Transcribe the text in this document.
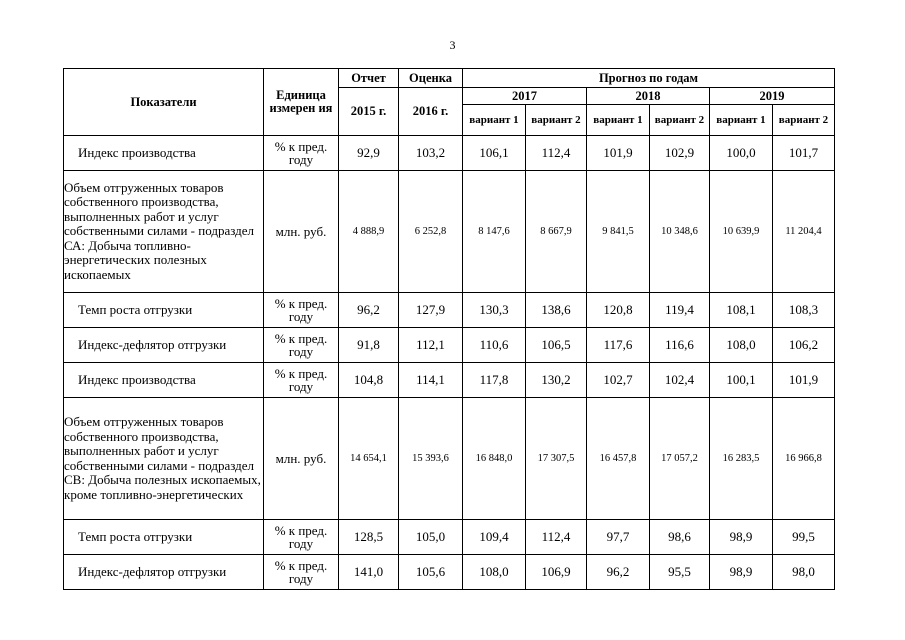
3
Показатели	Единица измерен ия	Отчет	Оценка	Прогноз по годам					
		2015 г.	2016 г.	2017		2018		2019	
				вариант 1	вариант 2	вариант 1	вариант 2	вариант 1	вариант 2
Индекс производства	% к пред. году	92,9	103,2	106,1	112,4	101,9	102,9	100,0	101,7
Объем отгруженных товаров собственного производства, выполненных работ и услуг собственными силами - подраздел СА: Добыча топливно-энергетических полезных ископаемых	млн. руб.	4 888,9	6 252,8	8 147,6	8 667,9	9 841,5	10 348,6	10 639,9	11 204,4
Темп роста отгрузки	% к пред. году	96,2	127,9	130,3	138,6	120,8	119,4	108,1	108,3
Индекс-дефлятор отгрузки	% к пред. году	91,8	112,1	110,6	106,5	117,6	116,6	108,0	106,2
Индекс производства	% к пред. году	104,8	114,1	117,8	130,2	102,7	102,4	100,1	101,9
Объем отгруженных товаров собственного производства, выполненных работ и услуг собственными силами - подраздел СВ: Добыча полезных ископаемых, кроме топливно-энергетических	млн. руб.	14 654,1	15 393,6	16 848,0	17 307,5	16 457,8	17 057,2	16 283,5	16 966,8
Темп роста отгрузки	% к пред. году	128,5	105,0	109,4	112,4	97,7	98,6	98,9	99,5
Индекс-дефлятор отгрузки	% к пред. году	141,0	105,6	108,0	106,9	96,2	95,5	98,9	98,0
